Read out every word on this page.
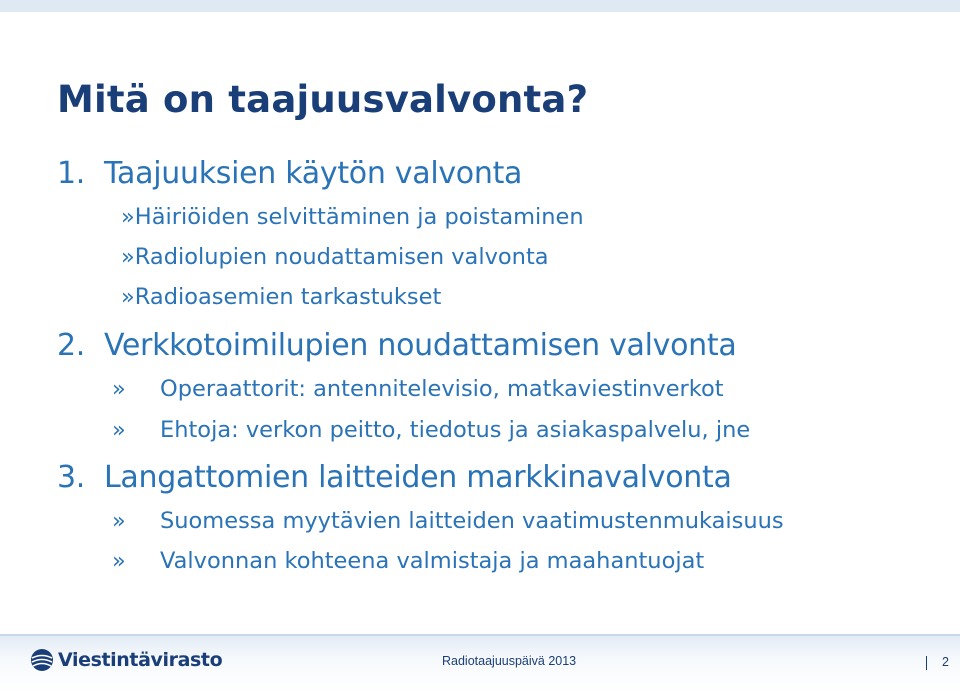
Mitä on taajuusvalvonta?
1. Taajuuksien käytön valvonta
»Häiriöiden selvittäminen ja poistaminen
»Radiolupien noudattamisen valvonta
»Radioasemien tarkastukset
2. Verkkotoimilupien noudattamisen valvonta
» Operaattorit: antennitelevisio, matkaviestinverkot
» Ehtoja: verkon peitto, tiedotus ja asiakaspalvelu, jne
3. Langattomien laitteiden markkinavalvonta
» Suomessa myytävien laitteiden vaatimustenmukaisuus
» Valvonnan kohteena valmistaja ja maahantuojat
Viestintävirasto	Radiotaajuuspäivä 2013	2
